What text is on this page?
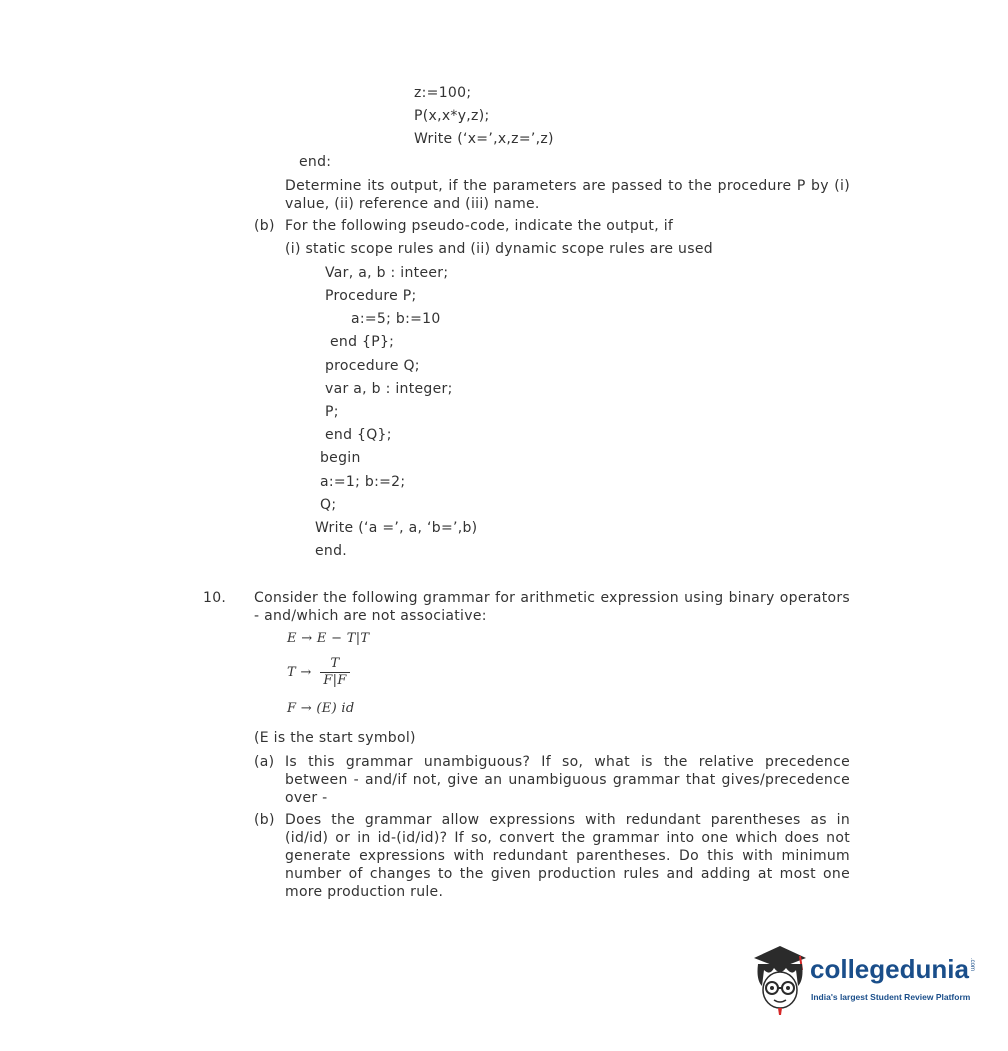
z:=100;
P(x,x*y,z);
Write (‘x=’,x,z=’,z)
end:
Determine its output, if the parameters are passed to the procedure P by (i) value, (ii) reference and (iii) name.
(b) For the following pseudo-code, indicate the output, if
(i) static scope rules and (ii) dynamic scope rules are used
Var, a, b : inteer;
Procedure P;
a:=5; b:=10
end {P};
procedure Q;
var a, b : integer;
P;
end {Q};
begin
a:=1; b:=2;
Q;
Write (‘a =’, a, ‘b=’,b)
end.
10. Consider the following grammar for arithmetic expression using binary operators - and/which are not associative:
E → E − T|T
$T \to \frac{T}{F|F}$
F → (E) id
(E is the start symbol)
(a) Is this grammar unambiguous? If so, what is the relative precedence between - and/if not, give an unambiguous grammar that gives/precedence over -
(b) Does the grammar allow expressions with redundant parentheses as in (id/id) or in id-(id/id)? If so, convert the grammar into one which does not generate expressions with redundant parentheses. Do this with minimum number of changes to the given production rules and adding at most one more production rule.
collegedunia .com
India's largest Student Review Platform
